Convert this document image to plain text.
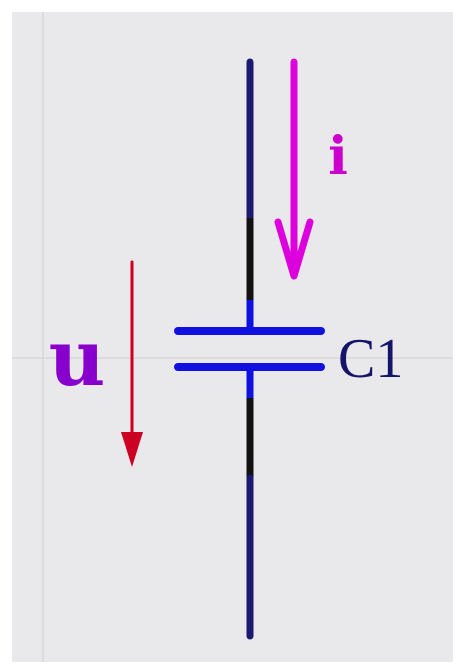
i
u	C1
